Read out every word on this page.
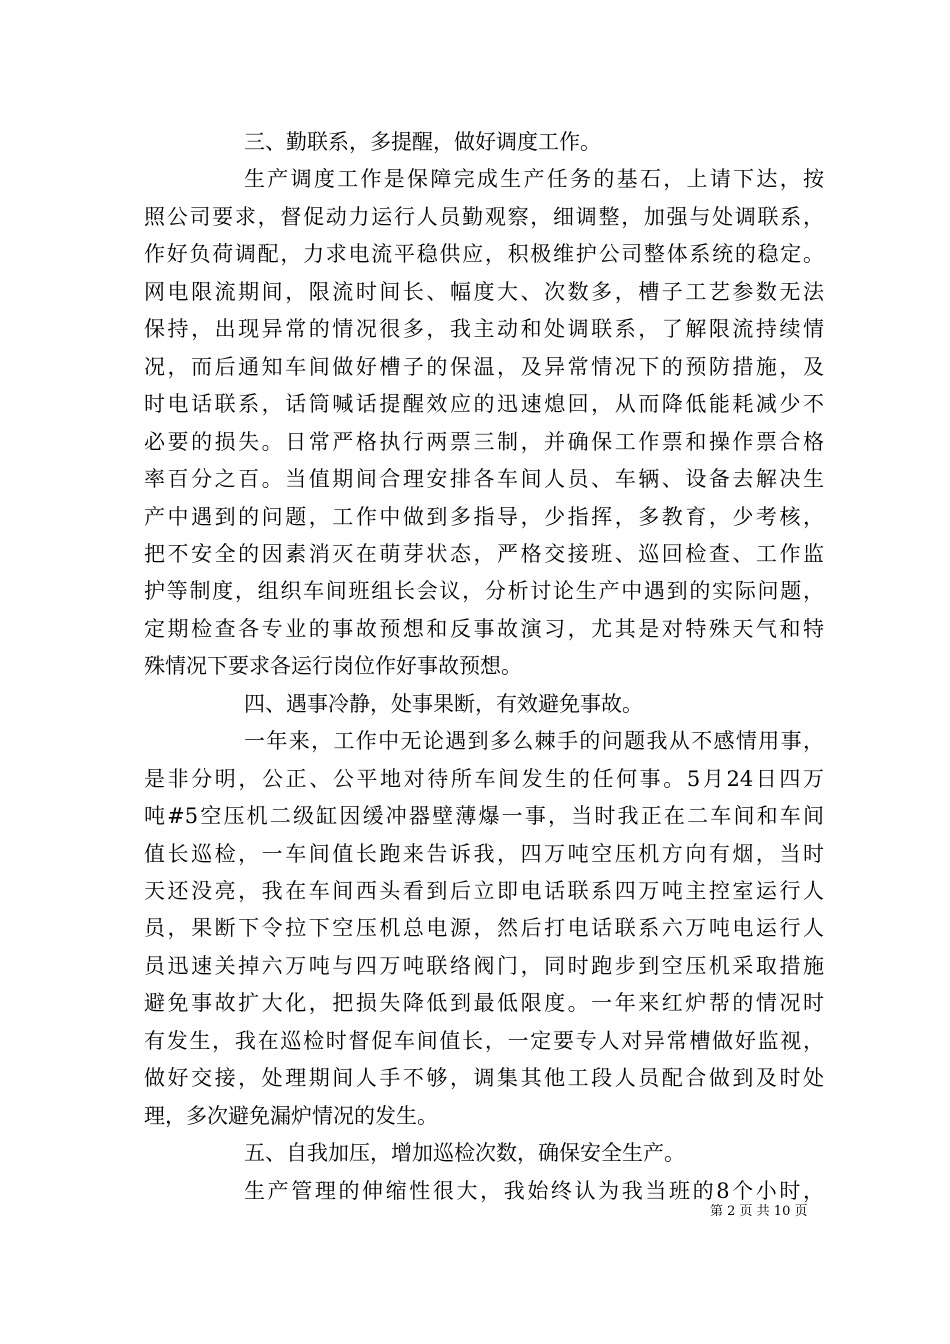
三、勤联系，多提醒，做好调度工作。
生产调度工作是保障完成生产任务的基石，上请下达，按
照公司要求，督促动力运行人员勤观察，细调整，加强与处调联系，
作好负荷调配，力求电流平稳供应，积极维护公司整体系统的稳定。
网电限流期间，限流时间长、幅度大、次数多，槽子工艺参数无法
保持，出现异常的情况很多，我主动和处调联系，了解限流持续情
况，而后通知车间做好槽子的保温，及异常情况下的预防措施，及
时电话联系，话筒喊话提醒效应的迅速熄回，从而降低能耗减少不
必要的损失。日常严格执行两票三制，并确保工作票和操作票合格
率百分之百。当值期间合理安排各车间人员、车辆、设备去解决生
产中遇到的问题，工作中做到多指导，少指挥，多教育，少考核，
把不安全的因素消灭在萌芽状态，严格交接班、巡回检查、工作监
护等制度，组织车间班组长会议，分析讨论生产中遇到的实际问题，
定期检查各专业的事故预想和反事故演习，尤其是对特殊天气和特
殊情况下要求各运行岗位作好事故预想。
四、遇事冷静，处事果断，有效避免事故。
一年来，工作中无论遇到多么棘手的问题我从不感情用事，
是非分明，公正、公平地对待所车间发生的任何事。5月24日四万
吨#5空压机二级缸因缓冲器壁薄爆一事，当时我正在二车间和车间
值长巡检，一车间值长跑来告诉我，四万吨空压机方向有烟，当时
天还没亮，我在车间西头看到后立即电话联系四万吨主控室运行人
员，果断下令拉下空压机总电源，然后打电话联系六万吨电运行人
员迅速关掉六万吨与四万吨联络阀门，同时跑步到空压机采取措施
避免事故扩大化，把损失降低到最低限度。一年来红炉帮的情况时
有发生，我在巡检时督促车间值长，一定要专人对异常槽做好监视，
做好交接，处理期间人手不够，调集其他工段人员配合做到及时处
理，多次避免漏炉情况的发生。
五、自我加压，增加巡检次数，确保安全生产。
生产管理的伸缩性很大，我始终认为我当班的8个小时，
第 2 页 共 10 页
